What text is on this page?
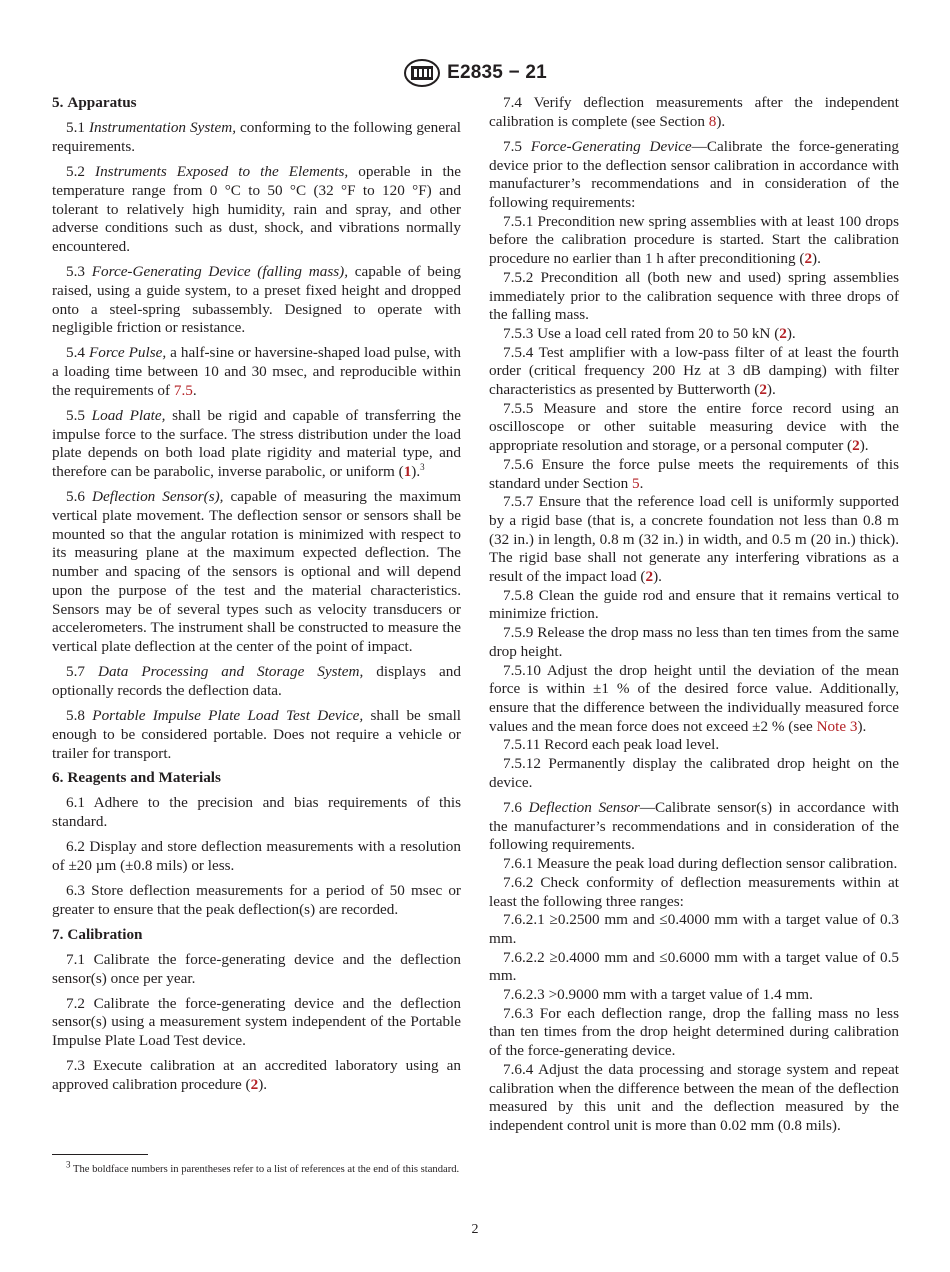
E2835 − 21
5. Apparatus

5.1 Instrumentation System, conforming to the following general requirements.

5.2 Instruments Exposed to the Elements, operable in the temperature range from 0 °C to 50 °C (32 °F to 120 °F) and tolerant to relatively high humidity, rain and spray, and other adverse conditions such as dust, shock, and vibrations normally encountered.

5.3 Force-Generating Device (falling mass), capable of being raised, using a guide system, to a preset fixed height and dropped onto a steel-spring subassembly. Designed to operate with negligible friction or resistance.

5.4 Force Pulse, a half-sine or haversine-shaped load pulse, with a loading time between 10 and 30 msec, and reproducible within the requirements of 7.5.

5.5 Load Plate, shall be rigid and capable of transferring the impulse force to the surface. The stress distribution under the load plate depends on both load plate rigidity and material type, and therefore can be parabolic, inverse parabolic, or uniform (1).$^3$

5.6 Deflection Sensor(s), capable of measuring the maximum vertical plate movement. The deflection sensor or sensors shall be mounted so that the angular rotation is minimized with respect to its measuring plane at the maximum expected deflection. The number and spacing of the sensors is optional and will depend upon the purpose of the test and the material characteristics. Sensors may be of several types such as velocity transducers or accelerometers. The instrument shall be constructed to measure the vertical plate deflection at the center of the point of impact.

5.7 Data Processing and Storage System, displays and optionally records the deflection data.

5.8 Portable Impulse Plate Load Test Device, shall be small enough to be considered portable. Does not require a vehicle or trailer for transport.

6. Reagents and Materials

6.1 Adhere to the precision and bias requirements of this standard.

6.2 Display and store deflection measurements with a resolution of ±20 µm (±0.8 mils) or less.

6.3 Store deflection measurements for a period of 50 msec or greater to ensure that the peak deflection(s) are recorded.

7. Calibration

7.1 Calibrate the force-generating device and the deflection sensor(s) once per year.

7.2 Calibrate the force-generating device and the deflection sensor(s) using a measurement system independent of the Portable Impulse Plate Load Test device.

7.3 Execute calibration at an accredited laboratory using an approved calibration procedure (2).

7.4 Verify deflection measurements after the independent calibration is complete (see Section 8).

7.5 Force-Generating Device—Calibrate the force-generating device prior to the deflection sensor calibration in accordance with manufacturer’s recommendations and in consideration of the following requirements:

7.5.1 Precondition new spring assemblies with at least 100 drops before the calibration procedure is started. Start the calibration procedure no earlier than 1 h after preconditioning (2).

7.5.2 Precondition all (both new and used) spring assemblies immediately prior to the calibration sequence with three drops of the falling mass.

7.5.3 Use a load cell rated from 20 to 50 kN (2).

7.5.4 Test amplifier with a low-pass filter of at least the fourth order (critical frequency 200 Hz at 3 dB damping) with filter characteristics as presented by Butterworth (2).

7.5.5 Measure and store the entire force record using an oscilloscope or other suitable measuring device with the appropriate resolution and storage, or a personal computer (2).

7.5.6 Ensure the force pulse meets the requirements of this standard under Section 5.

7.5.7 Ensure that the reference load cell is uniformly supported by a rigid base (that is, a concrete foundation not less than 0.8 m (32 in.) in length, 0.8 m (32 in.) in width, and 0.5 m (20 in.) thick). The rigid base shall not generate any interfering vibrations as a result of the impact load (2).

7.5.8 Clean the guide rod and ensure that it remains vertical to minimize friction.

7.5.9 Release the drop mass no less than ten times from the same drop height.

7.5.10 Adjust the drop height until the deviation of the mean force is within ±1 % of the desired force value. Additionally, ensure that the difference between the individually measured force values and the mean force does not exceed ±2 % (see Note 3).

7.5.11 Record each peak load level.

7.5.12 Permanently display the calibrated drop height on the device.

7.6 Deflection Sensor—Calibrate sensor(s) in accordance with the manufacturer’s recommendations and in consideration of the following requirements.

7.6.1 Measure the peak load during deflection sensor calibration.

7.6.2 Check conformity of deflection measurements within at least the following three ranges:

7.6.2.1 ≥0.2500 mm and ≤0.4000 mm with a target value of 0.3 mm.

7.6.2.2 ≥0.4000 mm and ≤0.6000 mm with a target value of 0.5 mm.

7.6.2.3 >0.9000 mm with a target value of 1.4 mm.

7.6.3 For each deflection range, drop the falling mass no less than ten times from the drop height determined during calibration of the force-generating device.

7.6.4 Adjust the data processing and storage system and repeat calibration when the difference between the mean of the deflection measured by this unit and the deflection measured by the independent control unit is more than 0.02 mm (0.8 mils).

$^3$ The boldface numbers in parentheses refer to a list of references at the end of this standard.
2
